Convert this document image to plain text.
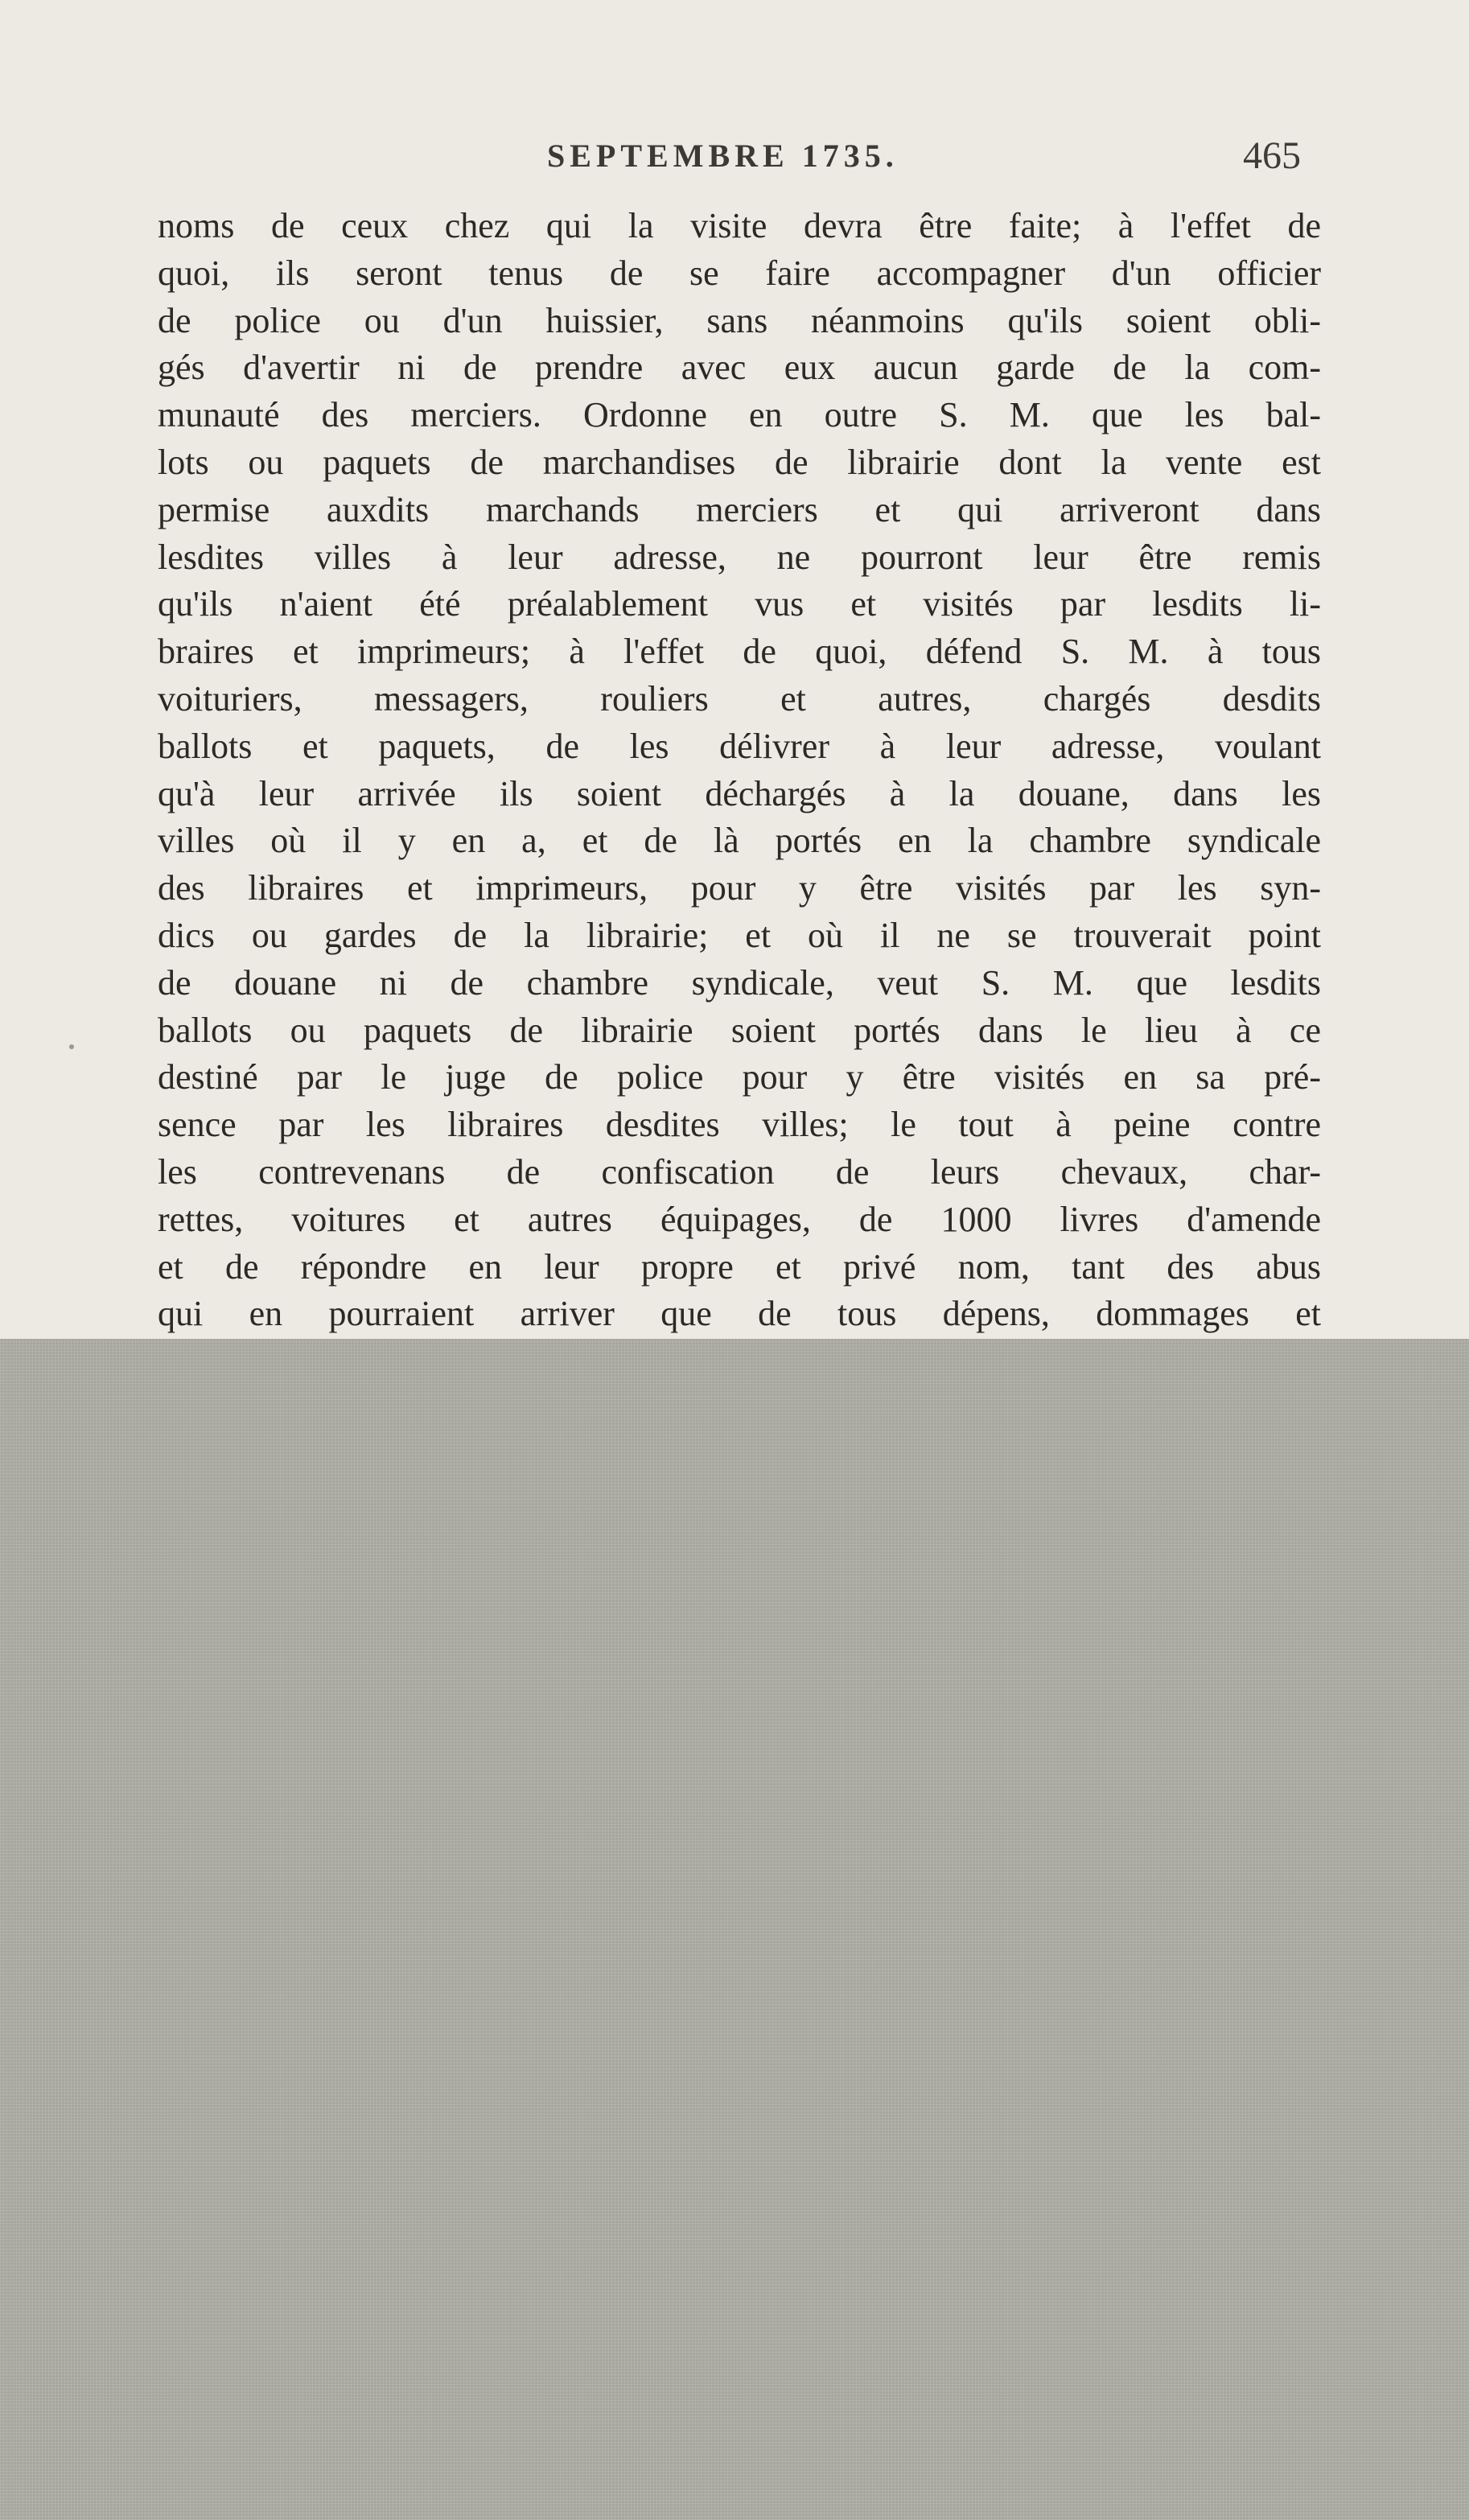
SEPTEMBRE 1735.	465
noms de ceux chez qui la visite devra être faite; à l'effet de
quoi, ils seront tenus de se faire accompagner d'un officier
de police ou d'un huissier, sans néanmoins qu'ils soient obli-
gés d'avertir ni de prendre avec eux aucun garde de la com-
munauté des merciers. Ordonne en outre S. M. que les bal-
lots ou paquets de marchandises de librairie dont la vente est
permise auxdits marchands merciers et qui arriveront dans
lesdites villes à leur adresse, ne pourront leur être remis
qu'ils n'aient été préalablement vus et visités par lesdits li-
braires et imprimeurs; à l'effet de quoi, défend S. M. à tous
voituriers, messagers, rouliers et autres, chargés desdits
ballots et paquets, de les délivrer à leur adresse, voulant
qu'à leur arrivée ils soient déchargés à la douane, dans les
villes où il y en a, et de là portés en la chambre syndicale
des libraires et imprimeurs, pour y être visités par les syn-
dics ou gardes de la librairie; et où il ne se trouverait point
de douane ni de chambre syndicale, veut S. M. que lesdits
ballots ou paquets de librairie soient portés dans le lieu à ce
destiné par le juge de police pour y être visités en sa pré-
sence par les libraires desdites villes; le tout à peine contre
les contrevenans de confiscation de leurs chevaux, char-
rettes, voitures et autres équipages, de 1000 livres d'amende
et de répondre en leur propre et privé nom, tant des abus
qui en pourraient arriver que de tous dépens, dommages et
